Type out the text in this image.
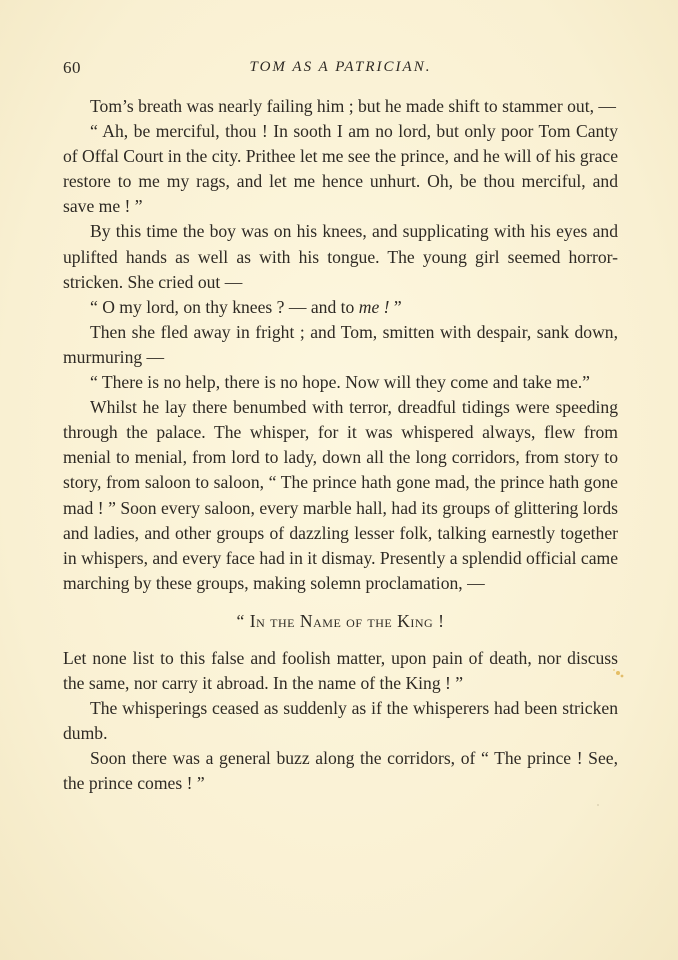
60	TOM AS A PATRICIAN.

Tom’s breath was nearly failing him ; but he made shift to stammer out, —

“ Ah, be merciful, thou ! In sooth I am no lord, but only poor Tom Canty of Offal Court in the city. Prithee let me see the prince, and he will of his grace restore to me my rags, and let me hence unhurt. Oh, be thou merciful, and save me ! ”

By this time the boy was on his knees, and supplicating with his eyes and uplifted hands as well as with his tongue. The young girl seemed horror-stricken. She cried out —

“ O my lord, on thy knees ? — and to me ! ”

Then she fled away in fright ; and Tom, smitten with despair, sank down, murmuring —

“ There is no help, there is no hope. Now will they come and take me.”

Whilst he lay there benumbed with terror, dreadful tidings were speeding through the palace. The whisper, for it was whispered always, flew from menial to menial, from lord to lady, down all the long corridors, from story to story, from saloon to saloon, “ The prince hath gone mad, the prince hath gone mad ! ” Soon every saloon, every marble hall, had its groups of glittering lords and ladies, and other groups of dazzling lesser folk, talking earnestly together in whispers, and every face had in it dismay. Presently a splendid official came marching by these groups, making solemn proclamation, —

“ In the Name of the King !

Let none list to this false and foolish matter, upon pain of death, nor discuss the same, nor carry it abroad. In the name of the King ! ”

The whisperings ceased as suddenly as if the whisperers had been stricken dumb.

Soon there was a general buzz along the corridors, of “ The prince ! See, the prince comes ! ”
